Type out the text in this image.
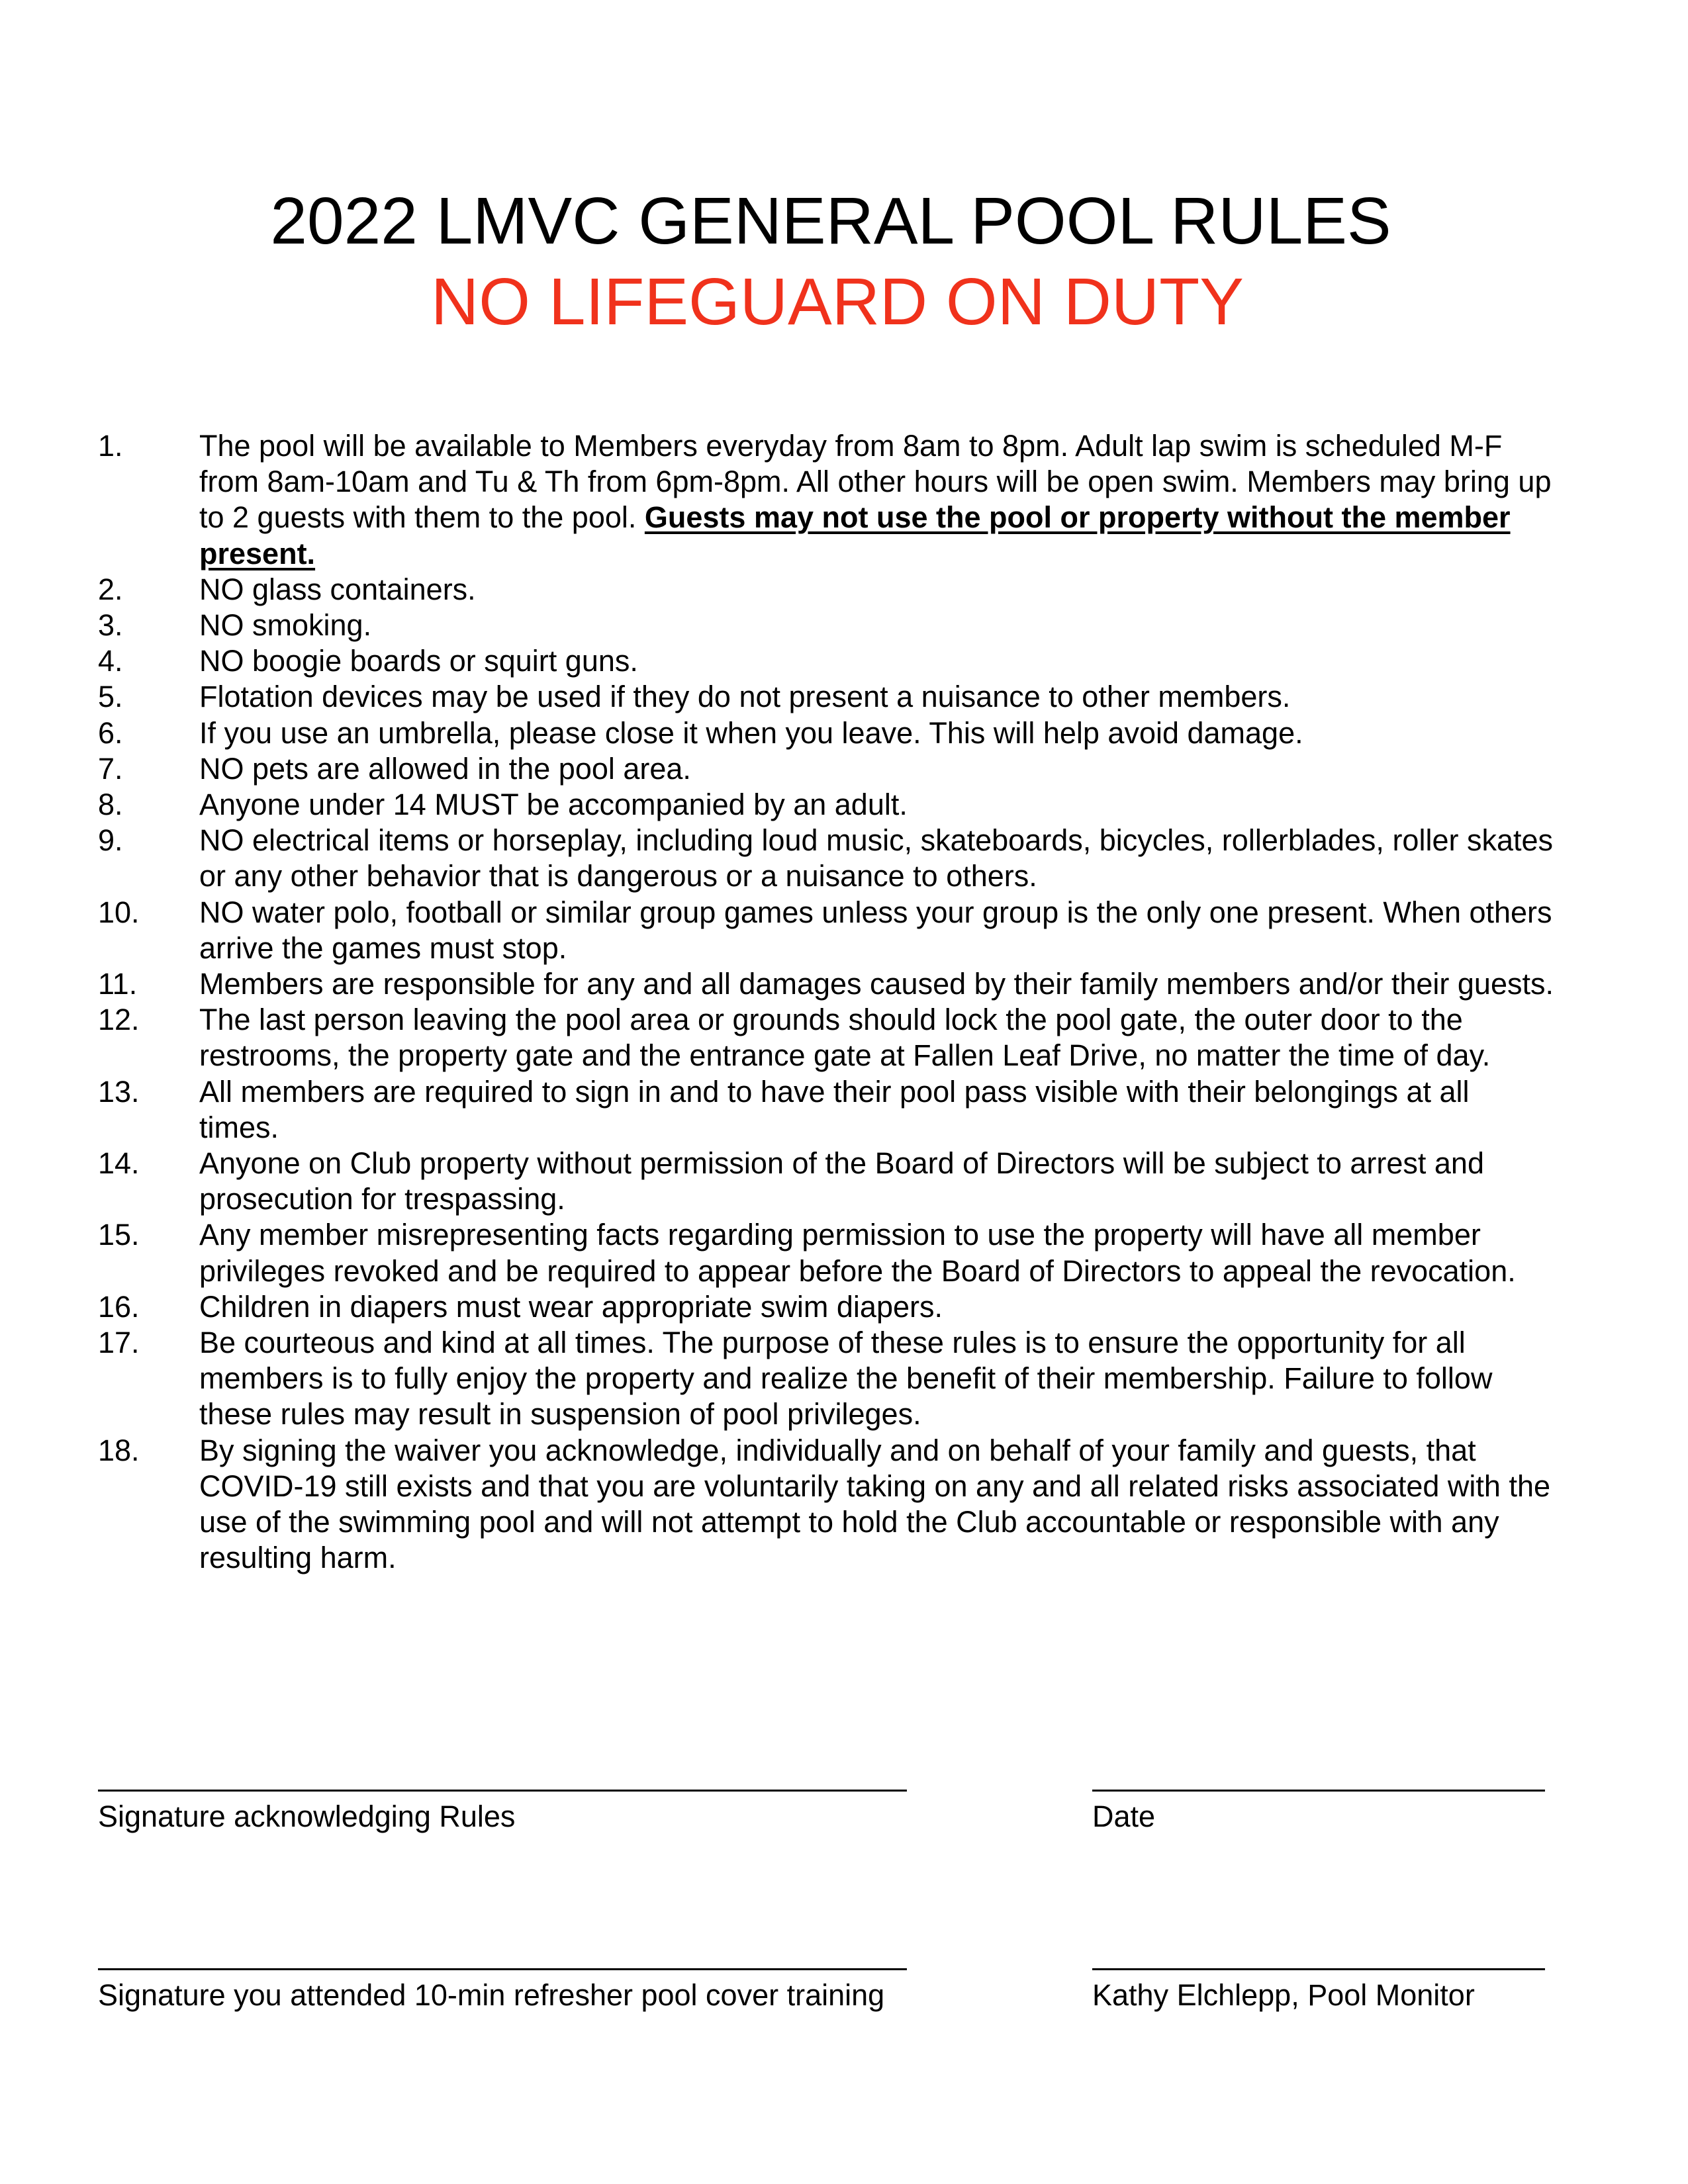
2022 LMVC GENERAL POOL RULES
NO LIFEGUARD ON DUTY
1.	The pool will be available to Members everyday from 8am to 8pm. Adult lap swim is scheduled M-F from 8am-10am and Tu & Th from 6pm-8pm. All other hours will be open swim. Members may bring up to 2 guests with them to the pool. Guests may not use the pool or property without the member present.
2.	NO glass containers.
3.	NO smoking.
4.	NO boogie boards or squirt guns.
5.	Flotation devices may be used if they do not present a nuisance to other members.
6.	If you use an umbrella, please close it when you leave. This will help avoid damage.
7.	NO pets are allowed in the pool area.
8.	Anyone under 14 MUST be accompanied by an adult.
9.	NO electrical items or horseplay, including loud music, skateboards, bicycles, rollerblades, roller skates or any other behavior that is dangerous or a nuisance to others.
10. NO water polo, football or similar group games unless your group is the only one present. When others arrive the games must stop.
11. Members are responsible for any and all damages caused by their family members and/or their guests.
12. The last person leaving the pool area or grounds should lock the pool gate, the outer door to the restrooms, the property gate and the entrance gate at Fallen Leaf Drive, no matter the time of day.
13. All members are required to sign in and to have their pool pass visible with their belongings at all times.
14. Anyone on Club property without permission of the Board of Directors will be subject to arrest and prosecution for trespassing.
15. Any member misrepresenting facts regarding permission to use the property will have all member privileges revoked and be required to appear before the Board of Directors to appeal the revocation.
16. Children in diapers must wear appropriate swim diapers.
17. Be courteous and kind at all times. The purpose of these rules is to ensure the opportunity for all members is to fully enjoy the property and realize the benefit of their membership. Failure to follow these rules may result in suspension of pool privileges.
18. By signing the waiver you acknowledge, individually and on behalf of your family and guests, that COVID-19 still exists and that you are voluntarily taking on any and all related risks associated with the use of the swimming pool and will not attempt to hold the Club accountable or responsible with any resulting harm.
Signature acknowledging Rules	Date
Signature you attended 10-min refresher pool cover training	Kathy Elchlepp, Pool Monitor
